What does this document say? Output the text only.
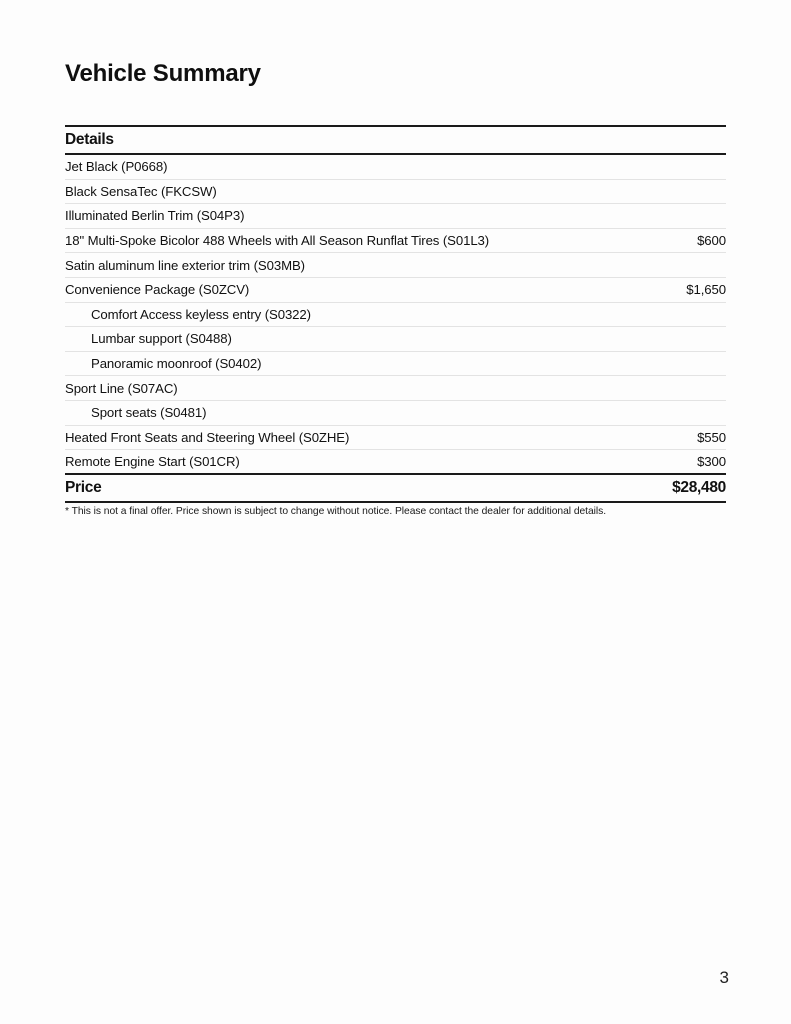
Vehicle Summary
Details
Jet Black (P0668)
Black SensaTec (FKCSW)
Illuminated Berlin Trim (S04P3)
18" Multi-Spoke Bicolor 488 Wheels with All Season Runflat Tires (S01L3)	$600
Satin aluminum line exterior trim (S03MB)
Convenience Package (S0ZCV)	$1,650
Comfort Access keyless entry (S0322)
Lumbar support (S0488)
Panoramic moonroof (S0402)
Sport Line (S07AC)
Sport seats (S0481)
Heated Front Seats and Steering Wheel (S0ZHE)	$550
Remote Engine Start (S01CR)	$300
Price	$28,480
* This is not a final offer. Price shown is subject to change without notice. Please contact the dealer for additional details.
3
